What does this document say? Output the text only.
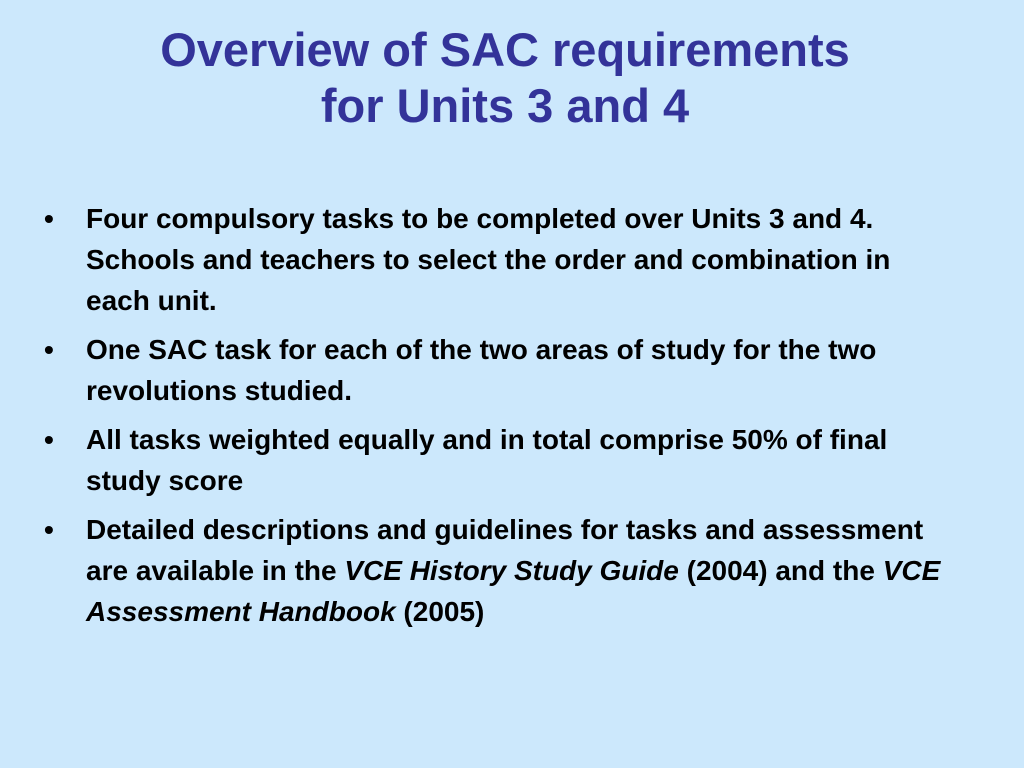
Overview of SAC requirements
for Units 3 and 4
•	Four compulsory tasks to be completed over Units 3 and 4. Schools and teachers to select the order and combination in each unit.
•	One SAC task for each of the two areas of study for the two revolutions studied.
•	All tasks weighted equally and in total comprise 50% of final study score
•	Detailed descriptions and guidelines for tasks and assessment are available in the VCE History Study Guide (2004) and the VCE Assessment Handbook (2005)
